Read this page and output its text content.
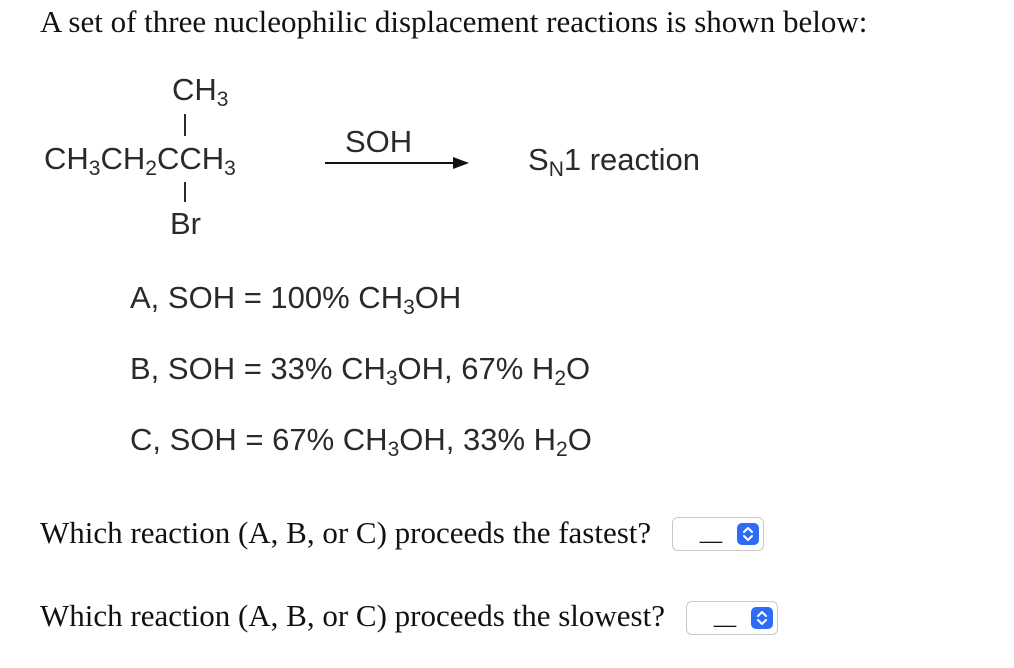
A set of three nucleophilic displacement reactions is shown below:
CH3
CH3CH2CCH3
Br
SOH
SN1 reaction
A, SOH = 100% CH3OH
B, SOH = 33% CH3OH, 67% H2O
C, SOH = 67% CH3OH, 33% H2O
Which reaction (A, B, or C) proceeds the fastest?	__
Which reaction (A, B, or C) proceeds the slowest?	__
